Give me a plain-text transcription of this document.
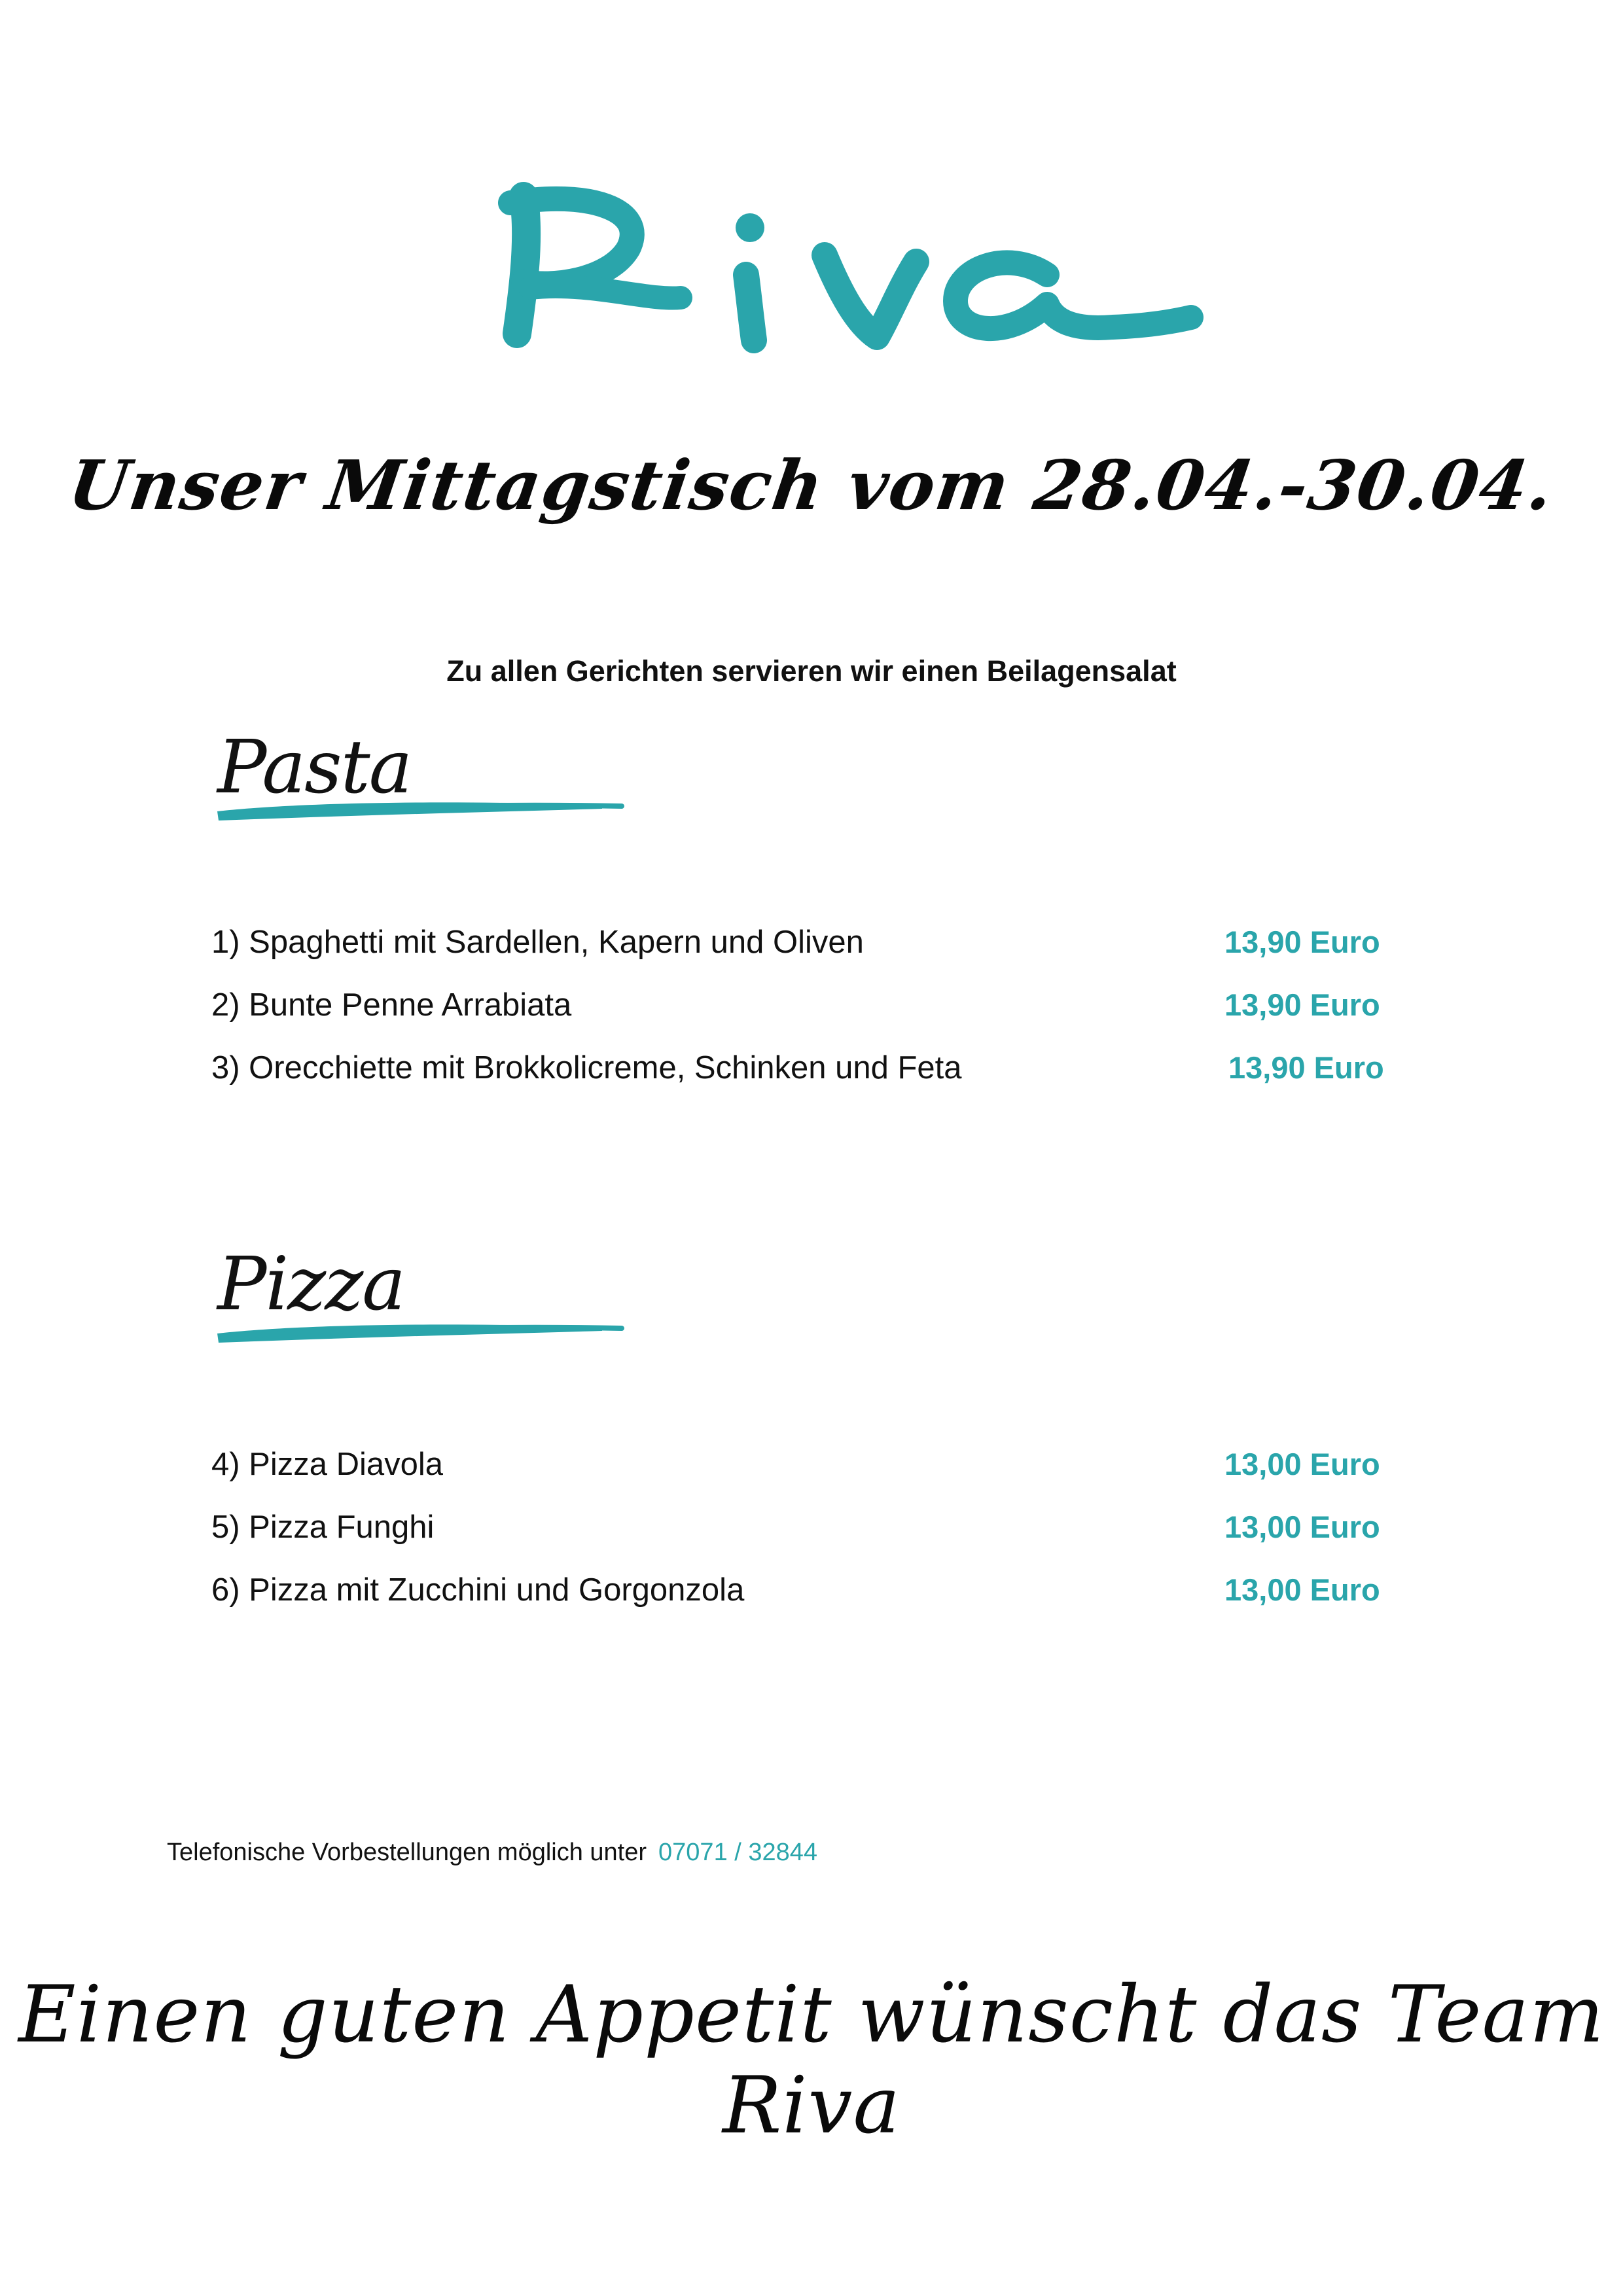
Unser Mittagstisch vom 28.04.-30.04.
Zu allen Gerichten servieren wir einen Beilagensalat
Pasta
1) Spaghetti mit Sardellen, Kapern und Oliven	13,90 Euro
2) Bunte Penne Arrabiata	13,90 Euro
3) Orecchiette mit Brokkolicreme, Schinken und Feta	13,90 Euro
Pizza
4) Pizza Diavola	13,00 Euro
5) Pizza Funghi	13,00 Euro
6) Pizza mit Zucchini und Gorgonzola	13,00 Euro
Telefonische Vorbestellungen möglich unter 07071 / 32844
Einen guten Appetit wünscht das Team Riva
